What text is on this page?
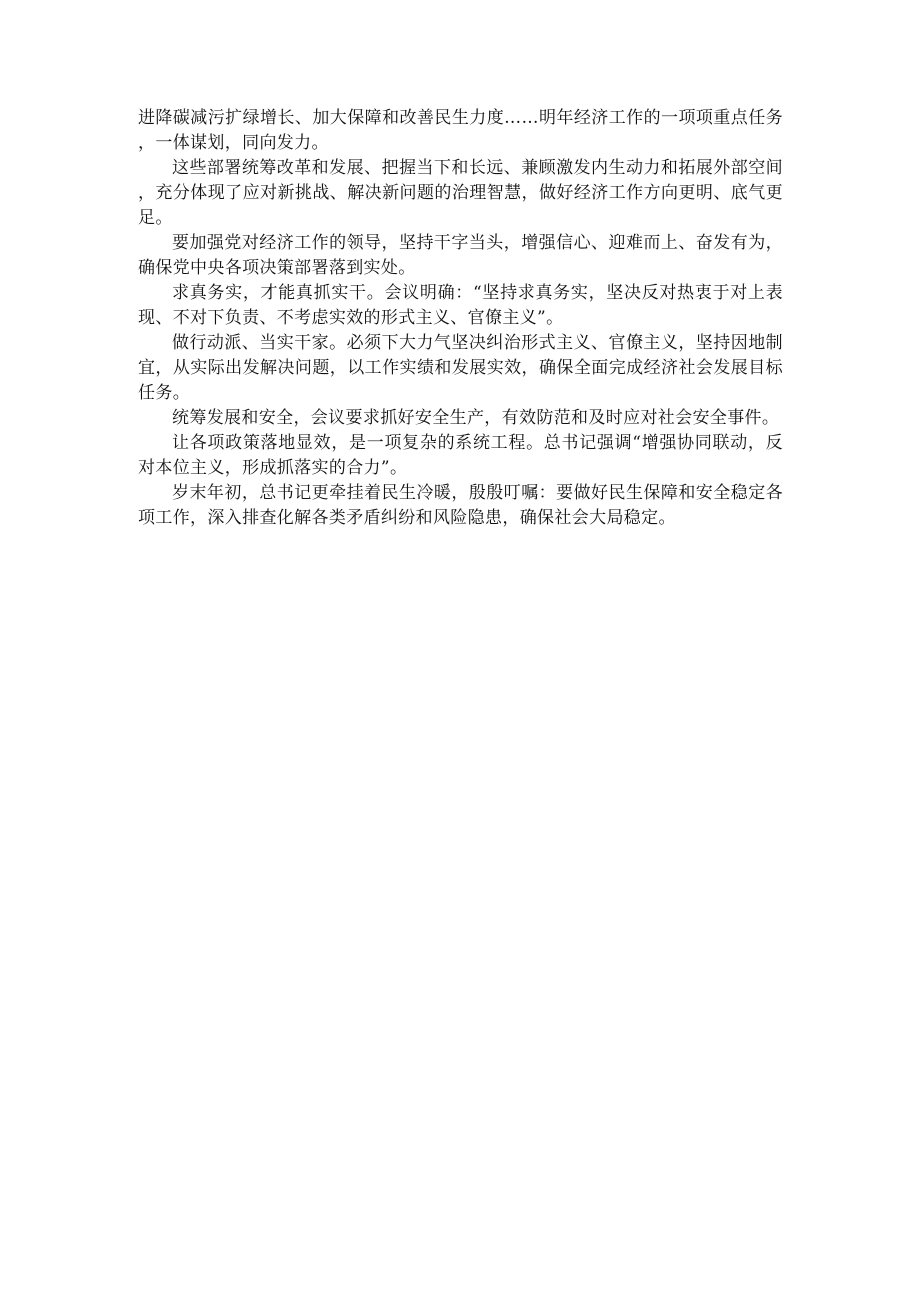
进降碳减污扩绿增长、加大保障和改善民生力度……明年经济工作的一项项重点任务，一体谋划，同向发力。

这些部署统筹改革和发展、把握当下和长远、兼顾激发内生动力和拓展外部空间，充分体现了应对新挑战、解决新问题的治理智慧，做好经济工作方向更明、底气更足。

要加强党对经济工作的领导，坚持干字当头，增强信心、迎难而上、奋发有为，确保党中央各项决策部署落到实处。

求真务实，才能真抓实干。会议明确：“坚持求真务实，坚决反对热衷于对上表现、不对下负责、不考虑实效的形式主义、官僚主义”。

做行动派、当实干家。必须下大力气坚决纠治形式主义、官僚主义，坚持因地制宜，从实际出发解决问题，以工作实绩和发展实效，确保全面完成经济社会发展目标任务。

统筹发展和安全，会议要求抓好安全生产，有效防范和及时应对社会安全事件。

让各项政策落地显效，是一项复杂的系统工程。总书记强调“增强协同联动，反对本位主义，形成抓落实的合力”。

岁末年初，总书记更牵挂着民生冷暖，殷殷叮嘱：要做好民生保障和安全稳定各项工作，深入排查化解各类矛盾纠纷和风险隐患，确保社会大局稳定。
